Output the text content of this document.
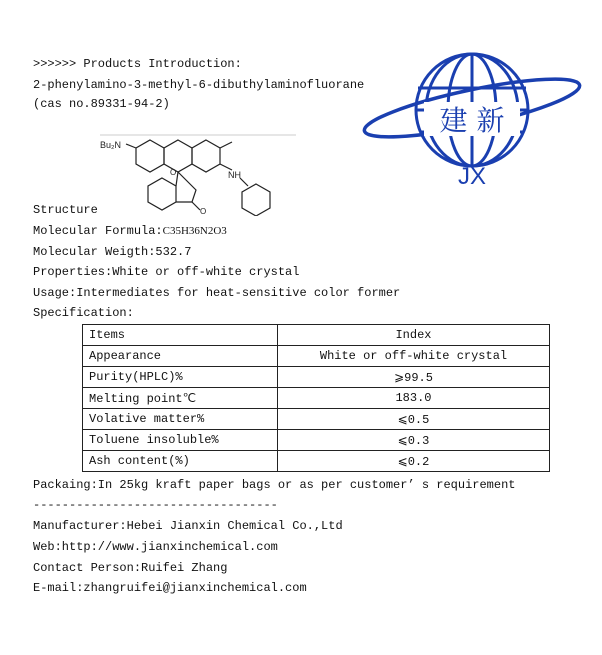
>>>>>> Products Introduction:
2-phenylamino-3-methyl-6-dibuthylaminofluorane
(cas no.89331-94-2)	建 新
JX
Bu₂N
NH
O
O
Structure
Molecular Formula:C35H36N2O3
Molecular Weigth:532.7
Properties:White or off-white crystal
Usage:Intermediates for heat-sensitive color former
Specification:
Items	Index
Appearance	White or off-white crystal
Purity(HPLC)%	⩾99.5
Melting point℃	183.0
Volative matter%	⩽0.5
Toluene insoluble%	⩽0.3
Ash content(%)	⩽0.2
Packaing:In 25kg kraft paper bags or as per customer’ s requirement
----------------------------------
Manufacturer:Hebei Jianxin Chemical Co.,Ltd
Web:http://www.jianxinchemical.com
Contact Person:Ruifei Zhang
E-mail:zhangruifei@jianxinchemical.com
